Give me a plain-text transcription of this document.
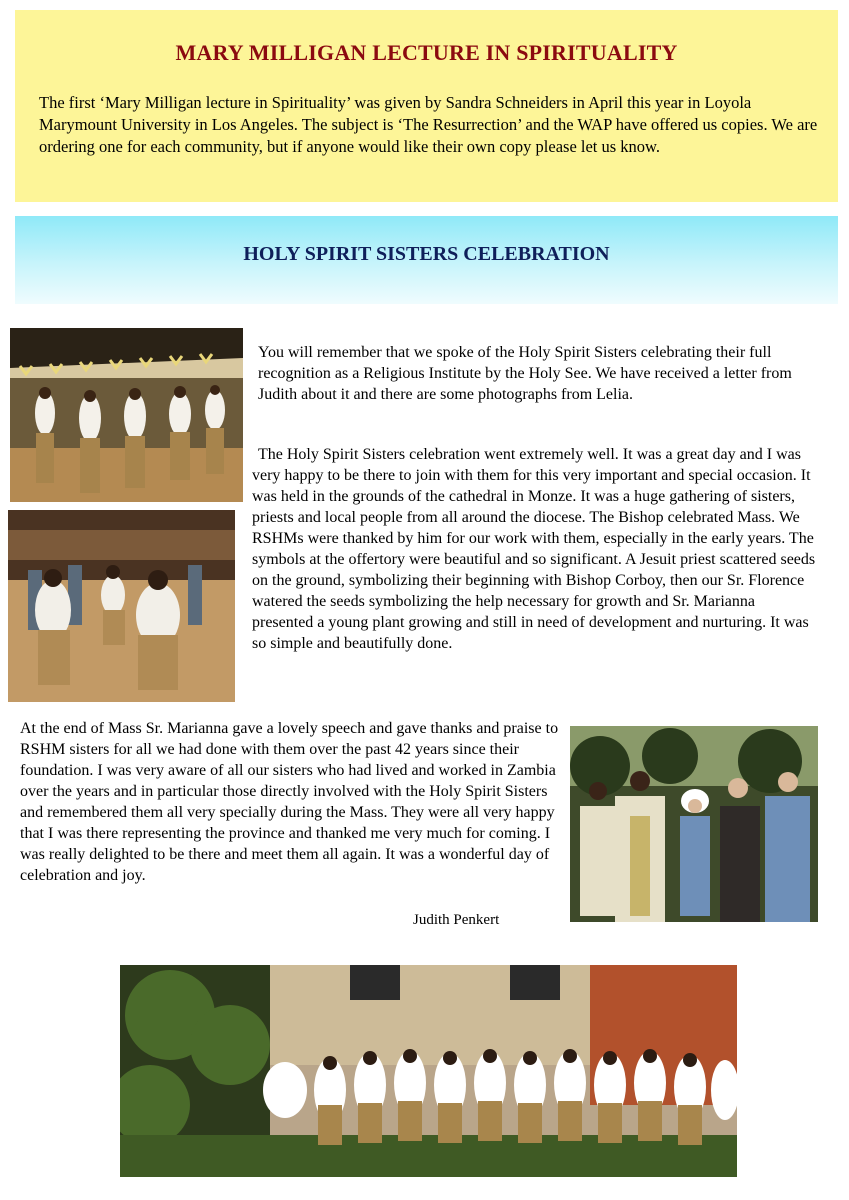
MARY MILLIGAN LECTURE IN SPIRITUALITY

The first ‘Mary Milligan lecture in Spirituality’ was given by Sandra Schneiders in April this year in Loyola Marymount University in Los Angeles. The subject is ‘The Resurrection’ and the WAP have offered us copies. We are ordering one for each community, but if anyone would like their own copy please let us know.

HOLY SPIRIT SISTERS CELEBRATION

You will remember that we spoke of the Holy Spirit Sisters celebrating their full recognition as a Religious Institute by the Holy See. We have received a letter from Judith about it and there are some photographs from Lelia.

The Holy Spirit Sisters celebration went extremely well. It was a great day and I was very happy to be there to join with them for this very important and special occasion. It was held in the grounds of the cathedral in Monze. It was a huge gathering of sisters, priests and local people from all around the diocese. The Bishop celebrated Mass. We RSHMs were thanked by him for our work with them, especially in the early years. The symbols at the offertory were beautiful and so significant. A Jesuit priest scattered seeds on the ground, symbolizing their beginning with Bishop Corboy, then our Sr. Florence watered the seeds symbolizing the help necessary for growth and Sr. Marianna presented a young plant growing and still in need of development and nurturing. It was so simple and beautifully done.

At the end of Mass Sr. Marianna gave a lovely speech and gave thanks and praise to RSHM sisters for all we had done with them over the past 42 years since their foundation. I was very aware of all our sisters who had lived and worked in Zambia over the years and in particular those directly involved with the Holy Spirit Sisters and remembered them all very specially during the Mass. They were all very happy that I was there representing the province and thanked me very much for coming. I was really delighted to be there and meet them all again. It was a wonderful day of celebration and joy.

Judith Penkert
